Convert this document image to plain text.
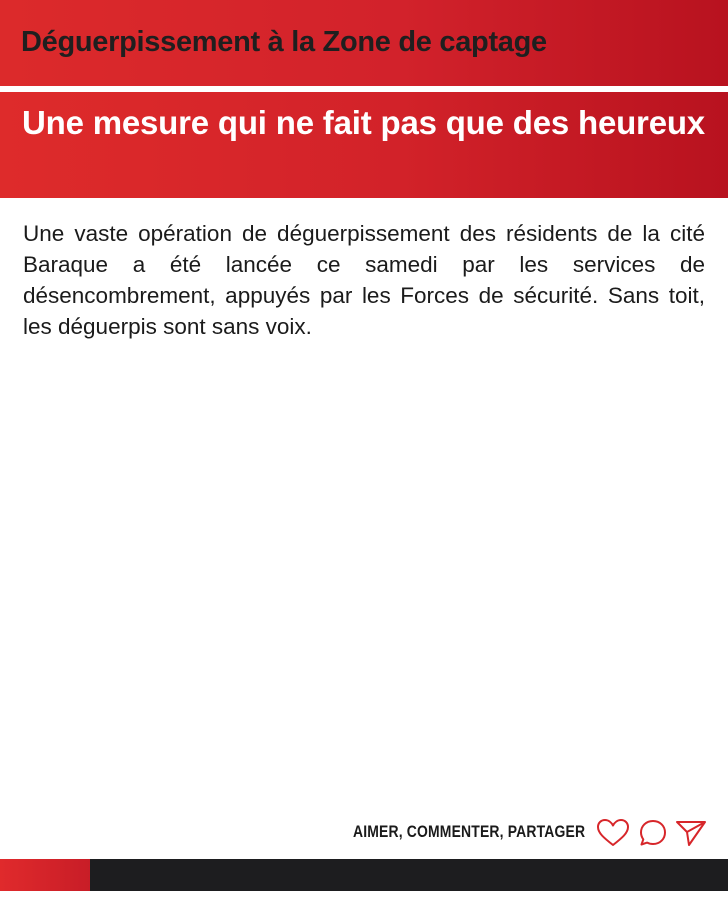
Déguerpissement à la Zone de captage
Une mesure qui ne fait pas que des heureux

Une vaste opération de déguerpissement des résidents de la cité Baraque a été lancée ce samedi par les services de désencombrement, appuyés par les Forces de sécurité. Sans toit, les déguerpis sont sans voix.

AIMER, COMMENTER, PARTAGER
